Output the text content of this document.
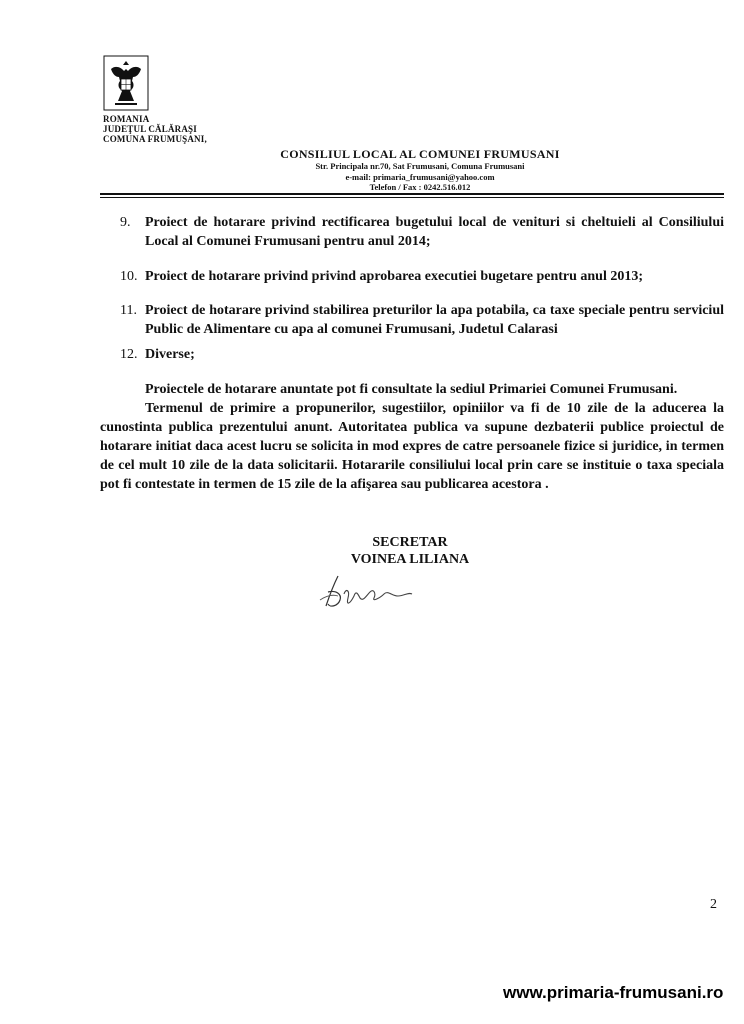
ROMANIA
JUDEŢUL CĂLĂRAŞI
COMUNA FRUMUŞANI,
CONSILIUL LOCAL AL COMUNEI FRUMUSANI
Str. Principala nr.70, Sat Frumusani, Comuna Frumusani
e-mail: primaria_frumusani@yahoo.com
Telefon / Fax : 0242.516.012
9.	Proiect de hotarare privind rectificarea bugetului local de venituri si cheltuieli al Consiliului Local al Comunei Frumusani pentru anul 2014;
10. Proiect de hotarare privind privind aprobarea executiei bugetare pentru anul 2013;
11. Proiect de hotarare privind stabilirea preturilor la apa potabila, ca taxe speciale pentru serviciul Public de Alimentare cu apa al comunei Frumusani, Judetul Calarasi
12. Diverse;
Proiectele de hotarare anuntate pot fi consultate la sediul Primariei Comunei Frumusani.
Termenul de primire a propunerilor, sugestiilor, opiniilor va fi de 10 zile de la aducerea la cunostinta publica prezentului anunt. Autoritatea publica va supune dezbaterii publice proiectul de hotarare initiat daca acest lucru se solicita in mod expres de catre persoanele fizice si juridice, in termen de cel mult 10 zile de la data solicitarii. Hotararile consiliului local prin care se instituie o taxa speciala pot fi contestate in termen de 15 zile de la afişarea sau publicarea acestora .
SECRETAR
VOINEA LILIANA
2
www.primaria-frumusani.ro
